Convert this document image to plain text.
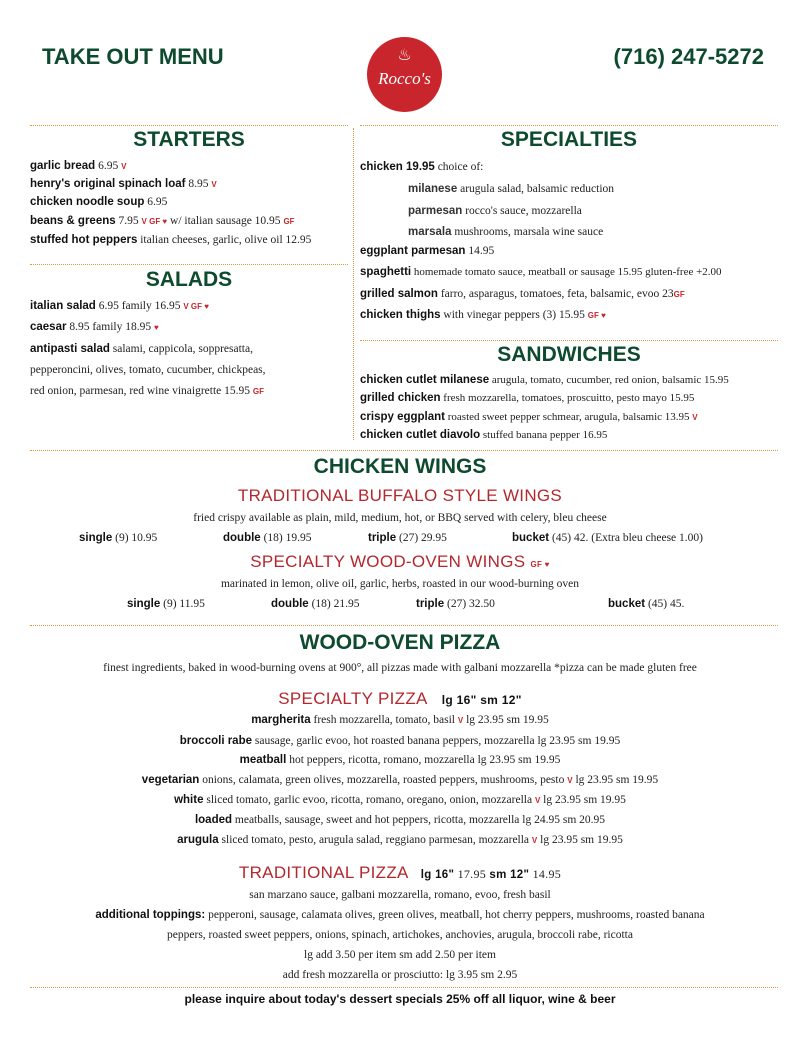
TAKE OUT MENU	♨
Rocco's
(716) 247-5272
STARTERS
garlic bread 6.95 V
henry's original spinach loaf 8.95 V
chicken noodle soup 6.95
beans & greens 7.95 V GF ♥ w/ italian sausage 10.95 GF
stuffed hot peppers italian cheeses, garlic, olive oil 12.95
SALADS
italian salad 6.95 family 16.95 V GF ♥
caesar 8.95 family 18.95 ♥
antipasti salad salami, cappicola, soppresatta,
pepperoncini, olives, tomato, cucumber, chickpeas,
red onion, parmesan, red wine vinaigrette 15.95 GF
SPECIALTIES
chicken 19.95 choice of:
milanese arugula salad, balsamic reduction
parmesan rocco's sauce, mozzarella
marsala mushrooms, marsala wine sauce
eggplant parmesan 14.95
spaghetti homemade tomato sauce, meatball or sausage 15.95 gluten-free +2.00
grilled salmon farro, asparagus, tomatoes, feta, balsamic, evoo 23GF
chicken thighs with vinegar peppers (3) 15.95 GF ♥
SANDWICHES
chicken cutlet milanese arugula, tomato, cucumber, red onion, balsamic 15.95
grilled chicken fresh mozzarella, tomatoes, proscuitto, pesto mayo 15.95
crispy eggplant roasted sweet pepper schmear, arugula, balsamic 13.95 V
chicken cutlet diavolo stuffed banana pepper 16.95
CHICKEN WINGS
TRADITIONAL BUFFALO STYLE WINGS
fried crispy available as plain, mild, medium, hot, or BBQ served with celery, bleu cheese
single (9) 10.95	double (18) 19.95	triple (27) 29.95	bucket (45) 42. (Extra bleu cheese 1.00)
SPECIALTY WOOD-OVEN WINGS GF ♥
marinated in lemon, olive oil, garlic, herbs, roasted in our wood-burning oven
single (9) 11.95	double (18) 21.95	triple (27) 32.50	bucket (45) 45.
WOOD-OVEN PIZZA
finest ingredients, baked in wood-burning ovens at 900°, all pizzas made with galbani mozzarella *pizza can be made gluten free
SPECIALTY PIZZA lg 16" sm 12"
margherita fresh mozzarella, tomato, basil V lg 23.95 sm 19.95
broccoli rabe sausage, garlic evoo, hot roasted banana peppers, mozzarella lg 23.95 sm 19.95
meatball hot peppers, ricotta, romano, mozzarella lg 23.95 sm 19.95
vegetarian onions, calamata, green olives, mozzarella, roasted peppers, mushrooms, pesto V lg 23.95 sm 19.95
white sliced tomato, garlic evoo, ricotta, romano, oregano, onion, mozzarella V lg 23.95 sm 19.95
loaded meatballs, sausage, sweet and hot peppers, ricotta, mozzarella lg 24.95 sm 20.95
arugula sliced tomato, pesto, arugula salad, reggiano parmesan, mozzarella V lg 23.95 sm 19.95
TRADITIONAL PIZZA lg 16" 17.95 sm 12" 14.95
san marzano sauce, galbani mozzarella, romano, evoo, fresh basil
additional toppings: pepperoni, sausage, calamata olives, green olives, meatball, hot cherry peppers, mushrooms, roasted banana
peppers, roasted sweet peppers, onions, spinach, artichokes, anchovies, arugula, broccoli rabe, ricotta
lg add 3.50 per item sm add 2.50 per item
add fresh mozzarella or prosciutto: lg 3.95 sm 2.95
please inquire about today's dessert specials 25% off all liquor, wine & beer
